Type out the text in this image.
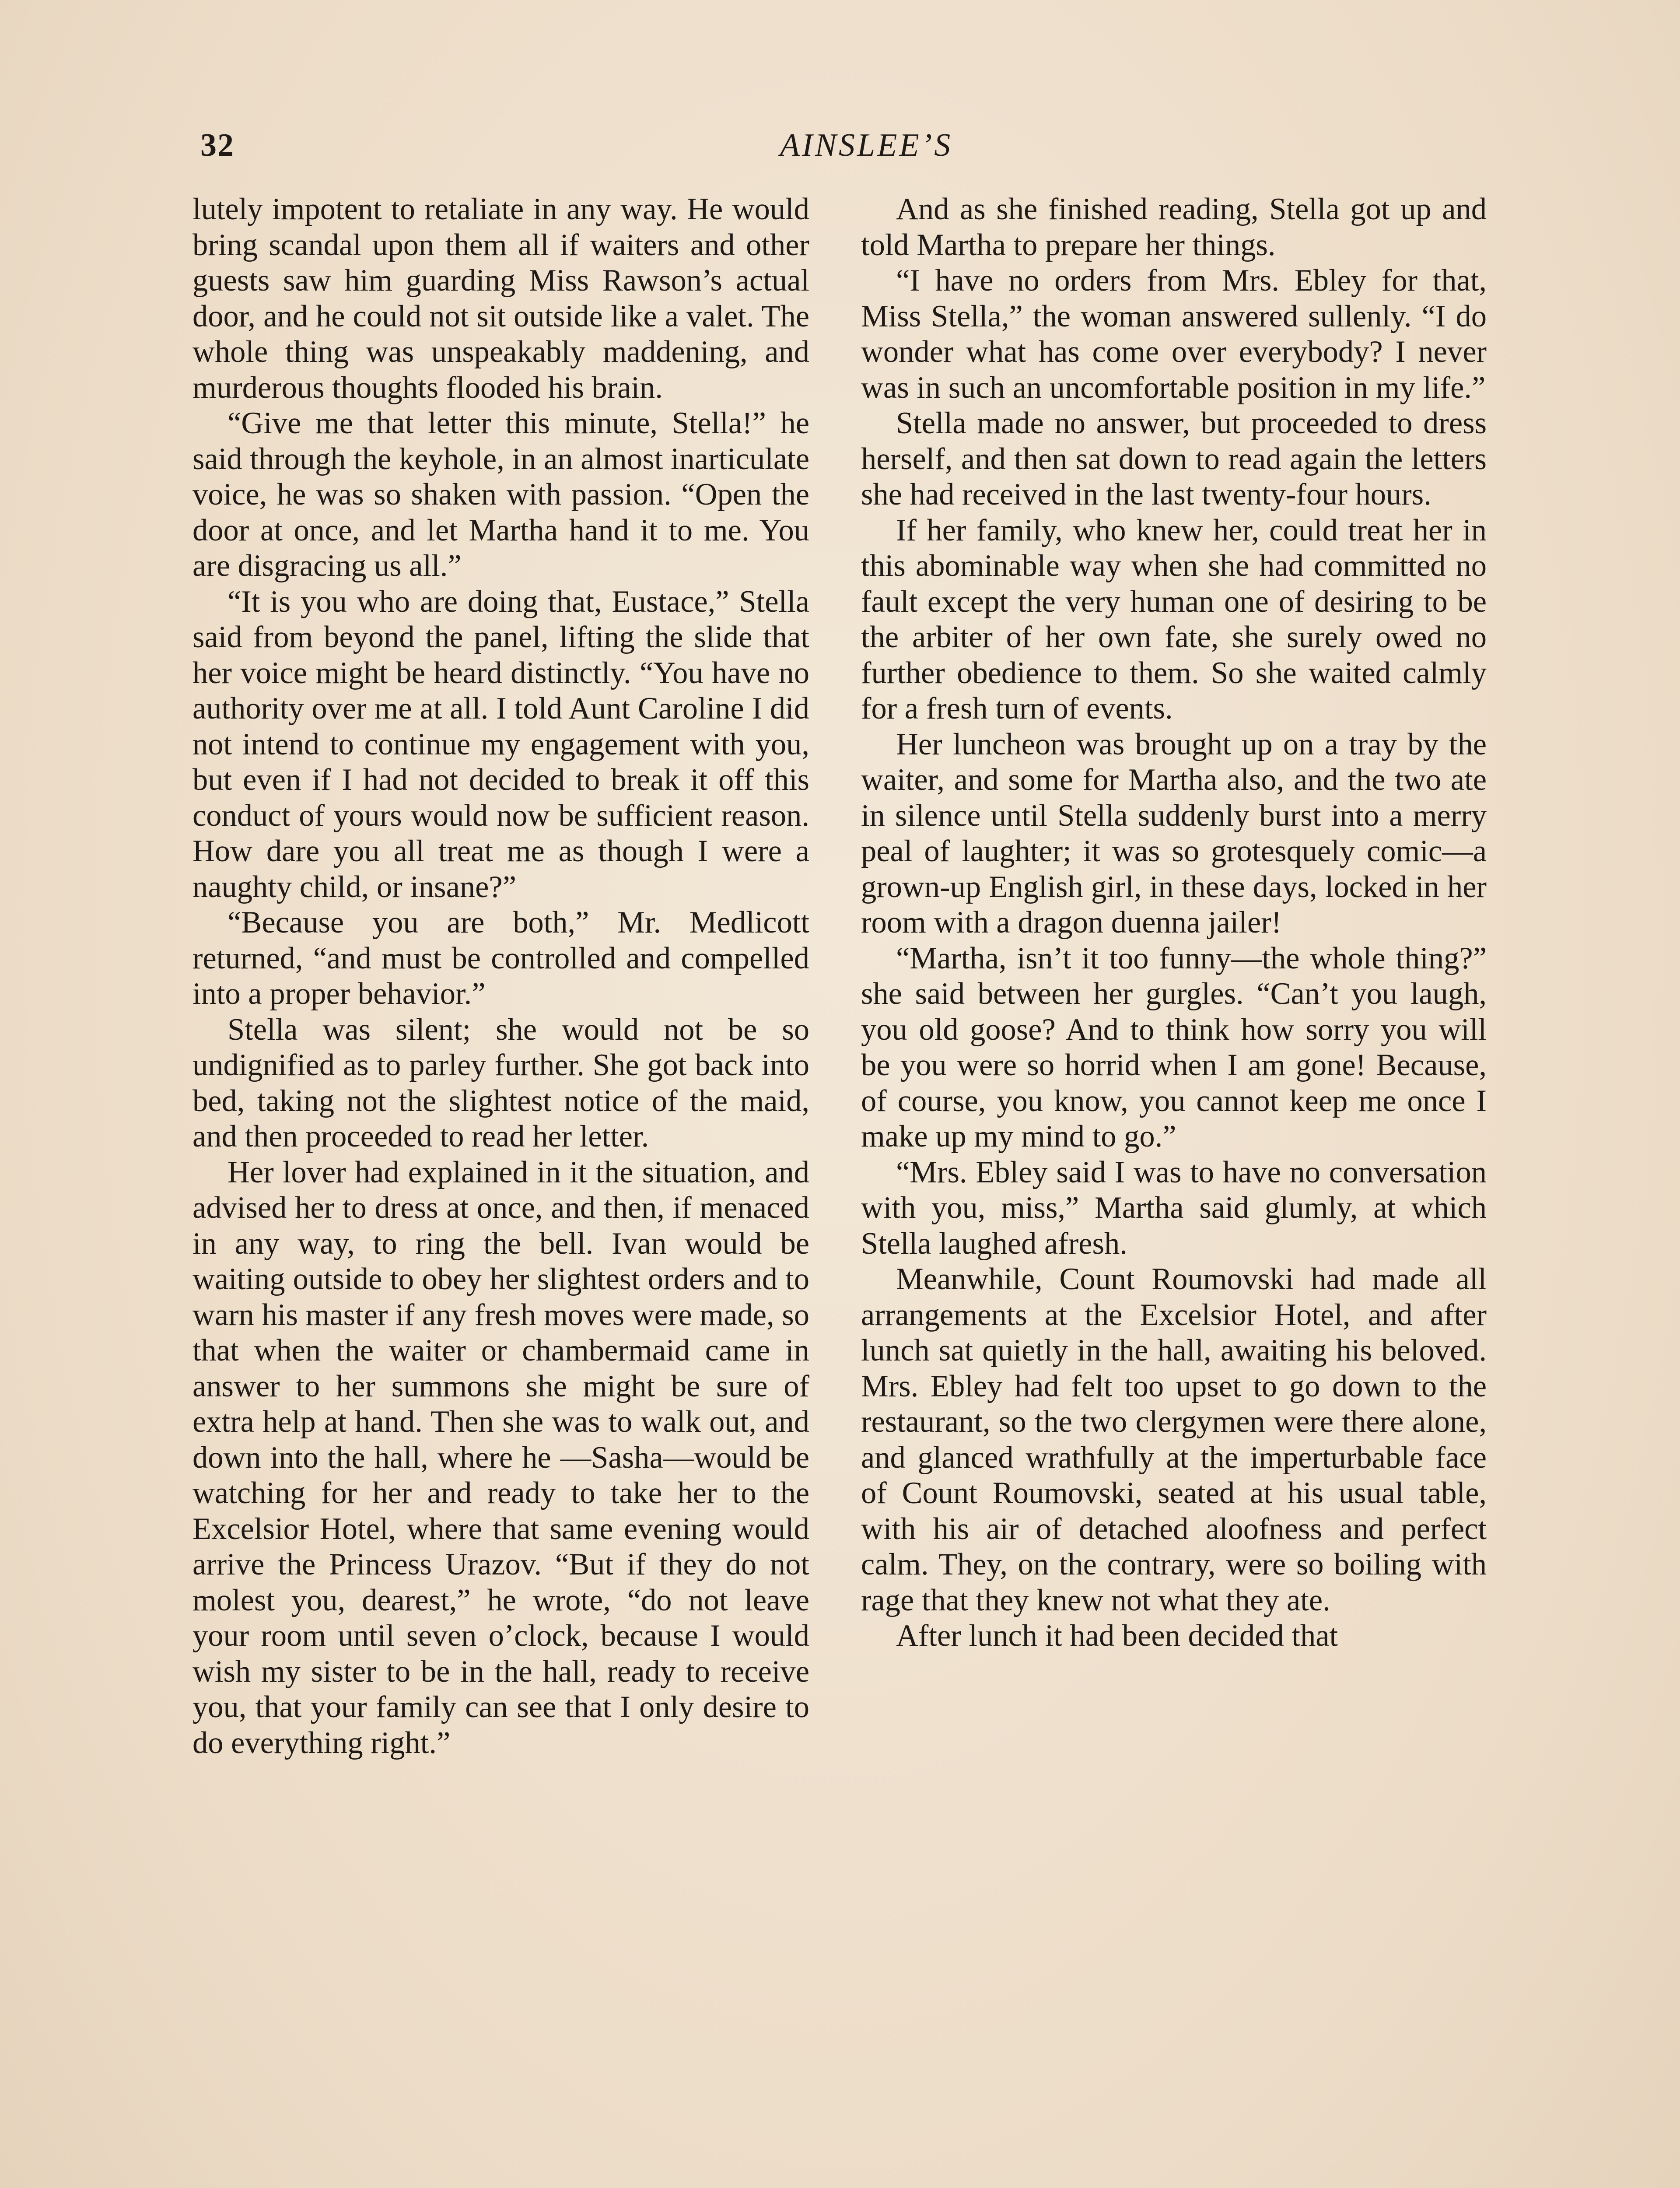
32	AINSLEE’S

lutely impotent to retaliate in any way. He would bring scandal upon them all if waiters and other guests saw him guarding Miss Rawson’s actual door, and he could not sit outside like a valet. The whole thing was unspeakably maddening, and murderous thoughts flooded his brain.

“Give me that letter this minute, Stella!” he said through the keyhole, in an almost inarticulate voice, he was so shaken with passion. “Open the door at once, and let Martha hand it to me. You are disgracing us all.”

“It is you who are doing that, Eustace,” Stella said from beyond the panel, lifting the slide that her voice might be heard distinctly. “You have no authority over me at all. I told Aunt Caroline I did not intend to continue my engagement with you, but even if I had not decided to break it off this conduct of yours would now be sufficient reason. How dare you all treat me as though I were a naughty child, or insane?”

“Because you are both,” Mr. Medlicott returned, “and must be controlled and compelled into a proper behavior.”

Stella was silent; she would not be so undignified as to parley further. She got back into bed, taking not the slightest notice of the maid, and then proceeded to read her letter.

Her lover had explained in it the situation, and advised her to dress at once, and then, if menaced in any way, to ring the bell. Ivan would be waiting outside to obey her slightest orders and to warn his master if any fresh moves were made, so that when the waiter or chambermaid came in answer to her summons she might be sure of extra help at hand. Then she was to walk out, and down into the hall, where he —Sasha—would be watching for her and ready to take her to the Excelsior Hotel, where that same evening would arrive the Princess Urazov. “But if they do not molest you, dearest,” he wrote, “do not leave your room until seven o’clock, because I would wish my sister to be in the hall, ready to receive you, that your family can see that I only desire to do everything right.”

And as she finished reading, Stella got up and told Martha to prepare her things.

“I have no orders from Mrs. Ebley for that, Miss Stella,” the woman answered sullenly. “I do wonder what has come over everybody? I never was in such an uncomfortable position in my life.”

Stella made no answer, but proceeded to dress herself, and then sat down to read again the letters she had received in the last twenty-four hours.

If her family, who knew her, could treat her in this abominable way when she had committed no fault except the very human one of desiring to be the arbiter of her own fate, she surely owed no further obedience to them. So she waited calmly for a fresh turn of events.

Her luncheon was brought up on a tray by the waiter, and some for Martha also, and the two ate in silence until Stella suddenly burst into a merry peal of laughter; it was so grotesquely comic—a grown-up English girl, in these days, locked in her room with a dragon duenna jailer!

“Martha, isn’t it too funny—the whole thing?” she said between her gurgles. “Can’t you laugh, you old goose? And to think how sorry you will be you were so horrid when I am gone! Because, of course, you know, you cannot keep me once I make up my mind to go.”

“Mrs. Ebley said I was to have no conversation with you, miss,” Martha said glumly, at which Stella laughed afresh.

Meanwhile, Count Roumovski had made all arrangements at the Excelsior Hotel, and after lunch sat quietly in the hall, awaiting his beloved. Mrs. Ebley had felt too upset to go down to the restaurant, so the two clergymen were there alone, and glanced wrathfully at the imperturbable face of Count Roumovski, seated at his usual table, with his air of detached aloofness and perfect calm. They, on the contrary, were so boiling with rage that they knew not what they ate.

After lunch it had been decided that
